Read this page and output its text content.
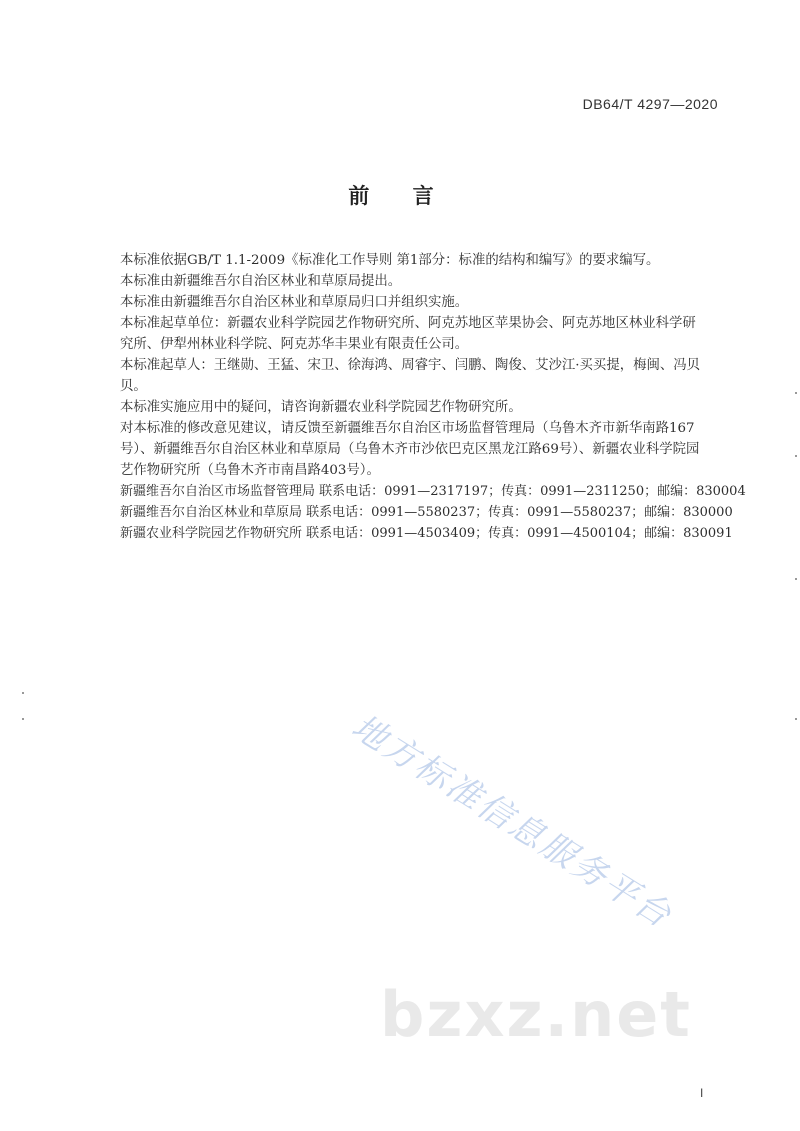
DB64/T 4297—2020
前 言

本标准依据GB/T 1.1-2009《标准化工作导则 第1部分：标准的结构和编写》的要求编写。

本标准由新疆维吾尔自治区林业和草原局提出。

本标准由新疆维吾尔自治区林业和草原局归口并组织实施。

本标准起草单位：新疆农业科学院园艺作物研究所、阿克苏地区苹果协会、阿克苏地区林业科学研究所、伊犁州林业科学院、阿克苏华丰果业有限责任公司。

本标准起草人：王继勋、王猛、宋卫、徐海鸿、周睿宇、闫鹏、陶俊、艾沙江·买买提，梅闽、冯贝贝。

本标准实施应用中的疑问，请咨询新疆农业科学院园艺作物研究所。

对本标准的修改意见建议，请反馈至新疆维吾尔自治区市场监督管理局（乌鲁木齐市新华南路167号）、新疆维吾尔自治区林业和草原局（乌鲁木齐市沙依巴克区黑龙江路69号）、新疆农业科学院园艺作物研究所（乌鲁木齐市南昌路403号）。

新疆维吾尔自治区市场监督管理局 联系电话：0991—2317197；传真：0991—2311250；邮编：830004

新疆维吾尔自治区林业和草原局 联系电话：0991—5580237；传真：0991—5580237；邮编：830000

新疆农业科学院园艺作物研究所 联系电话：0991—4503409；传真：0991—4500104；邮编：830091

地方标准信息服务平台
bzxz.net
I
